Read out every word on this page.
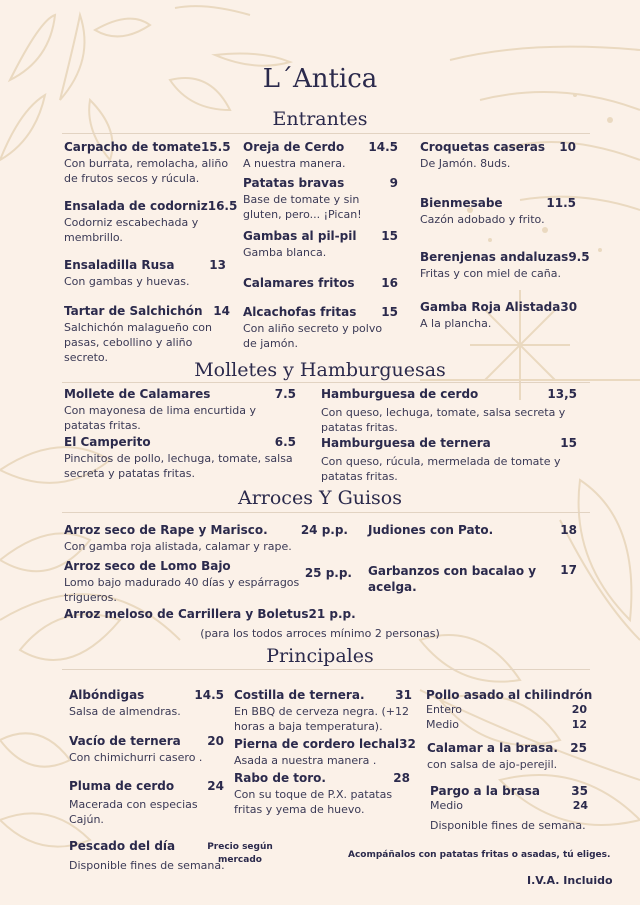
L´Antica
Entrantes
Carpacho de tomate 15.5
Con burrata, remolacha, aliño de frutos secos y rúcula.
Ensalada de codorniz 16.5
Codorniz escabechada y membrillo.
Ensaladilla Rusa	13
Con gambas y huevas.
Tartar de Salchichón 14
Salchichón malagueño con pasas, cebollino y aliño secreto.
Oreja de Cerdo 14.5
A nuestra manera.
Patatas bravas	9
Base de tomate y sin gluten, pero... ¡Pican!
Gambas al pil-pil 15
Gamba blanca.
Calamares fritos 16
Alcachofas fritas 15
Con aliño secreto y polvo de jamón.
Croquetas caseras 10
De Jamón. 8uds.
Bienmesabe	11.5
Cazón adobado y frito.
Berenjenas andaluzas 9.5
Fritas y con miel de caña.
Gamba Roja Alistada 30
A la plancha.
Molletes y Hamburguesas
Mollete de Calamares	7.5
Con mayonesa de lima encurtida y patatas fritas.
El Camperito	6.5
Pinchitos de pollo, lechuga, tomate, salsa secreta y patatas fritas.
Hamburguesa de cerdo	13,5
Con queso, lechuga, tomate, salsa secreta y patatas fritas.
Hamburguesa de ternera	15
Con queso, rúcula, mermelada de tomate y patatas fritas.
Arroces Y Guisos
Arroz seco de Rape y Marisco.	24 p.p.
Con gamba roja alistada, calamar y rape.
Arroz seco de Lomo Bajo	25 p.p.
Lomo bajo madurado 40 días y espárragos trigueros.
Arroz meloso de Carrillera y Boletus 21 p.p.
Judiones con Pato.	18
Garbanzos con bacalao y acelga.
17
(para los todos arroces mínimo 2 personas)
Principales
Albóndigas	14.5
Salsa de almendras.
Vacío de ternera 20
Con chimichurri casero .
Pluma de cerdo	24
Macerada con especias Cajún.
Pescado del día	Precio según mercado
Disponible fines de semana.
Costilla de ternera.	31
En BBQ de cerveza negra. (+12 horas a baja temperatura).
Pierna de cordero lechal 32
Asada a nuestra manera .
Rabo de toro.	28
Con su toque de P.X. patatas fritas y yema de huevo.
Pollo asado al chilindrón
Entero	20
Medio	12
Calamar a la brasa. 25
con salsa de ajo-perejil.
Pargo a la brasa	35
Medio	24
Disponible fines de semana.
Acompáñalos con patatas fritas o asadas, tú eliges.
I.V.A. Incluido
